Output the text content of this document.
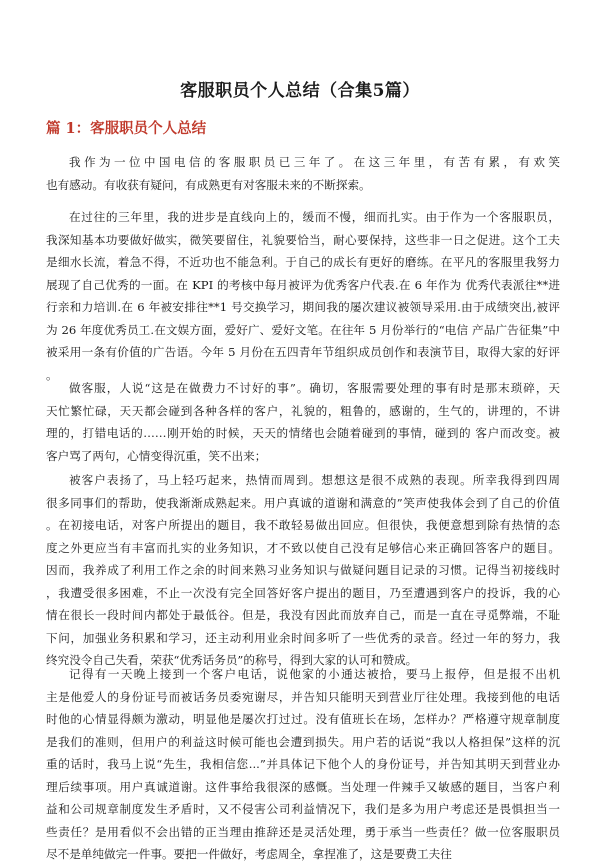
客服职员个人总结（合集5篇）
篇 1：客服职员个人总结
我作为一位中国电信的客服职员已三年了。在这三年里，有苦有累，有欢笑
也有感动。有收获有疑问，有成熟更有对客服未来的不断探索。
在过往的三年里，我的进步是直线向上的，缓而不慢，细而扎实。由于作为一个客服职员，
我深知基本功要做好做实，微笑要留住，礼貌要恰当，耐心要保持，这些非一日之促进。这个工夫
是细水长流，着急不得，不近功也不能急利。于自己的成长有更好的磨练。在平凡的客服里我努力
展现了自己优秀的一面。在 KPI 的考核中每月被评为优秀客户代表.在 6 年作为 优秀代表派往**进
行亲和力培训.在 6 年被安排往**1 号交换学习，期间我的屡次建议被领导采用.由于成绩突出,被评
为 26 年度优秀员工.在文娱方面，爱好广、爱好文笔。在往年 5 月份举行的“电信 产品广告征集”中
被采用一条有价值的广告语。今年 5 月份在五四青年节组织成员创作和表演节目，取得大家的好评
。
做客服，人说“这是在做费力不讨好的事”。确切，客服需要处理的事有时是那末琐碎，天
天忙繁忙碌，天天都会碰到各种各样的客户，礼貌的，粗鲁的，感谢的，生气的，讲理的，不讲
理的，打错电话的……刚开始的时候，天天的情绪也会随着碰到的事情，碰到的 客户而改变。被
客户骂了两句，心情变得沉重，笑不出来；
被客户表扬了，马上轻巧起来，热情而周到。想想这是很不成熟的表现。所幸我得到四周
很多同事们的帮助，使我渐渐成熟起来。用户真诚的道谢和满意的”笑声使我体会到了自己的价值
。在初接电话，对客户所提出的题目，我不敢轻易做出回应。但很快，我便意想到除有热情的态
度之外更应当有丰富而扎实的业务知识，才不致以使自己没有足够信心来正确回答客户的题目。
因而，我养成了利用工作之余的时间来熟习业务知识与做疑问题目记录的习惯。记得当初接线时
，我遭受很多困难，不止一次没有完全回答好客户提出的题目，乃至遭遇到客户的投诉，我的心
情在很长一段时间内都处于最低谷。但是，我没有因此而放弃自己，而是一直在寻觅弊端，不耻
下问，加强业务积累和学习，还主动利用业余时间多听了一些优秀的录音。经过一年的努力，我
终究没令自己失看，荣获“优秀话务员”的称号，得到大家的认可和赞成。
记得有一天晚上接到一个客户电话，说他家的小通达被拾，要马上报停，但是报不出机
主是他爱人的身份证号而被话务员委宛谢尽，并告知只能明天到营业厅往处理。我接到他的电话
时他的心情显得颇为激动，明显他是屡次打过过。没有值班长在场，怎样办？严格遵守规章制度
是我们的准则，但用户的利益这时候可能也会遭到损失。用户若的话说“我以人格担保”这样的沉
重的话时，我马上说“先生，我相信您...”并具体记下他个人的身份证号，并告知其明天到营业办
理后续事项。用户真诚道谢。这件事给我很深的感慨。当处理一件辣手又敏感的题目，当客户利
益和公司规章制度发生矛盾时，又不侵害公司利益情况下，我们是多为用户考虑还是畏惧担当一
些责任？是用看似不会出错的正当理由推辞还是灵活处理，勇于承当一些责任？做一位客服职员
尽不是单纯做完一件事。要把一件做好，考虑周全，拿捏准了，这是要费工夫往
